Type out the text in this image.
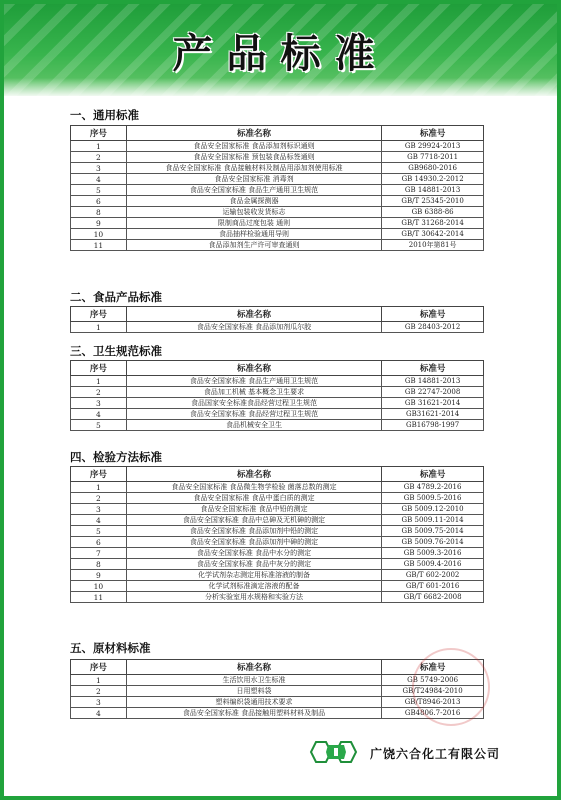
产品标准
一、通用标准
序号	标准名称	标准号
1	食品安全国家标准 食品添加剂标识通则	GB 29924-2013
2	食品安全国家标准 预包装食品标签通则	GB 7718-2011
3	食品安全国家标准 食品接触材料及制品用添加剂使用标准	GB9680-2016
4	食品安全国家标准 消毒剂	GB 14930.2-2012
5	食品安全国家标准 食品生产通用卫生规范	GB 14881-2013
6	食品金属探测器	GB/T 25345-2010
8	运输包装收发货标志	GB 6388-86
9	限制商品过度包装 通则	GB/T 31268-2014
10	食品抽样检验通用导则	GB/T 30642-2014
11	食品添加剂生产许可审查通则	2010年第81号
二、食品产品标准
序号	标准名称	标准号
1	食品安全国家标准 食品添加剂瓜尔胶	GB 28403-2012
三、卫生规范标准
序号	标准名称	标准号
1	食品安全国家标准 食品生产通用卫生规范	GB 14881-2013
2	食品加工机械 基本概念卫生要求	GB 22747-2008
3	食品国家安全标准食品经营过程卫生规范	GB 31621-2014
4	食品安全国家标准 食品经营过程卫生规范	GB31621-2014
5	食品机械安全卫生	GB16798-1997
四、检验方法标准
序号	标准名称	标准号
1	食品安全国家标准 食品微生物学检验 菌落总数的测定	GB 4789.2-2016
2	食品安全国家标准 食品中蛋白质的测定	GB 5009.5-2016
3	食品安全国家标准 食品中铅的测定	GB 5009.12-2010
4	食品安全国家标准 食品中总砷及无机砷的测定	GB 5009.11-2014
5	食品安全国家标准 食品添加剂中铅的测定	GB 5009.75-2014
6	食品安全国家标准 食品添加剂中砷的测定	GB 5009.76-2014
7	食品安全国家标准 食品中水分的测定	GB 5009.3-2016
8	食品安全国家标准 食品中灰分的测定	GB 5009.4-2016
9	化学试剂杂志测定用标准溶液的制备	GB/T 602-2002
10	化学试剂标准滴定溶液的配备	GB/T 601-2016
11	分析实验室用水规格和实验方法	GB/T 6682-2008
五、原材料标准
序号	标准名称	标准号
1	生活饮用水卫生标准	GB 5749-2006
2	日用塑料袋	GB/T24984-2010
3	塑料编织袋通用技术要求	GB/T8946-2013
4	食品安全国家标准 食品接触用塑料材料及制品	GB4806.7-2016
广饶六合化工有限公司
